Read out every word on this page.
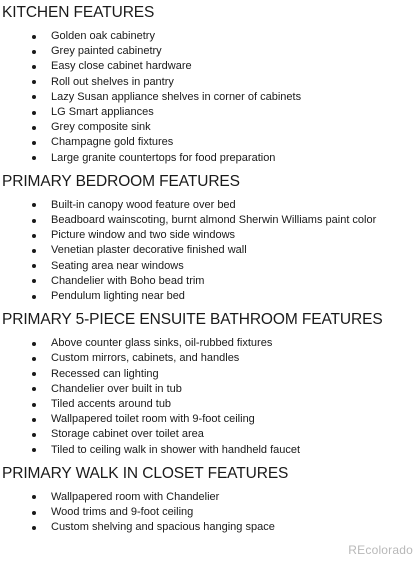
KITCHEN FEATURES
Golden oak cabinetry
Grey painted cabinetry
Easy close cabinet hardware
Roll out shelves in pantry
Lazy Susan appliance shelves in corner of cabinets
LG Smart appliances
Grey composite sink
Champagne gold fixtures
Large granite countertops for food preparation
PRIMARY BEDROOM FEATURES
Built-in canopy wood feature over bed
Beadboard wainscoting, burnt almond Sherwin Williams paint color
Picture window and two side windows
Venetian plaster decorative finished wall
Seating area near windows
Chandelier with Boho bead trim
Pendulum lighting near bed
PRIMARY 5-PIECE ENSUITE BATHROOM FEATURES
Above counter glass sinks, oil-rubbed fixtures
Custom mirrors, cabinets, and handles
Recessed can lighting
Chandelier over built in tub
Tiled accents around tub
Wallpapered toilet room with 9-foot ceiling
Storage cabinet over toilet area
Tiled to ceiling walk in shower with handheld faucet
PRIMARY WALK IN CLOSET FEATURES
Wallpapered room with Chandelier
Wood trims and 9-foot ceiling
Custom shelving and spacious hanging space
REcolorado
